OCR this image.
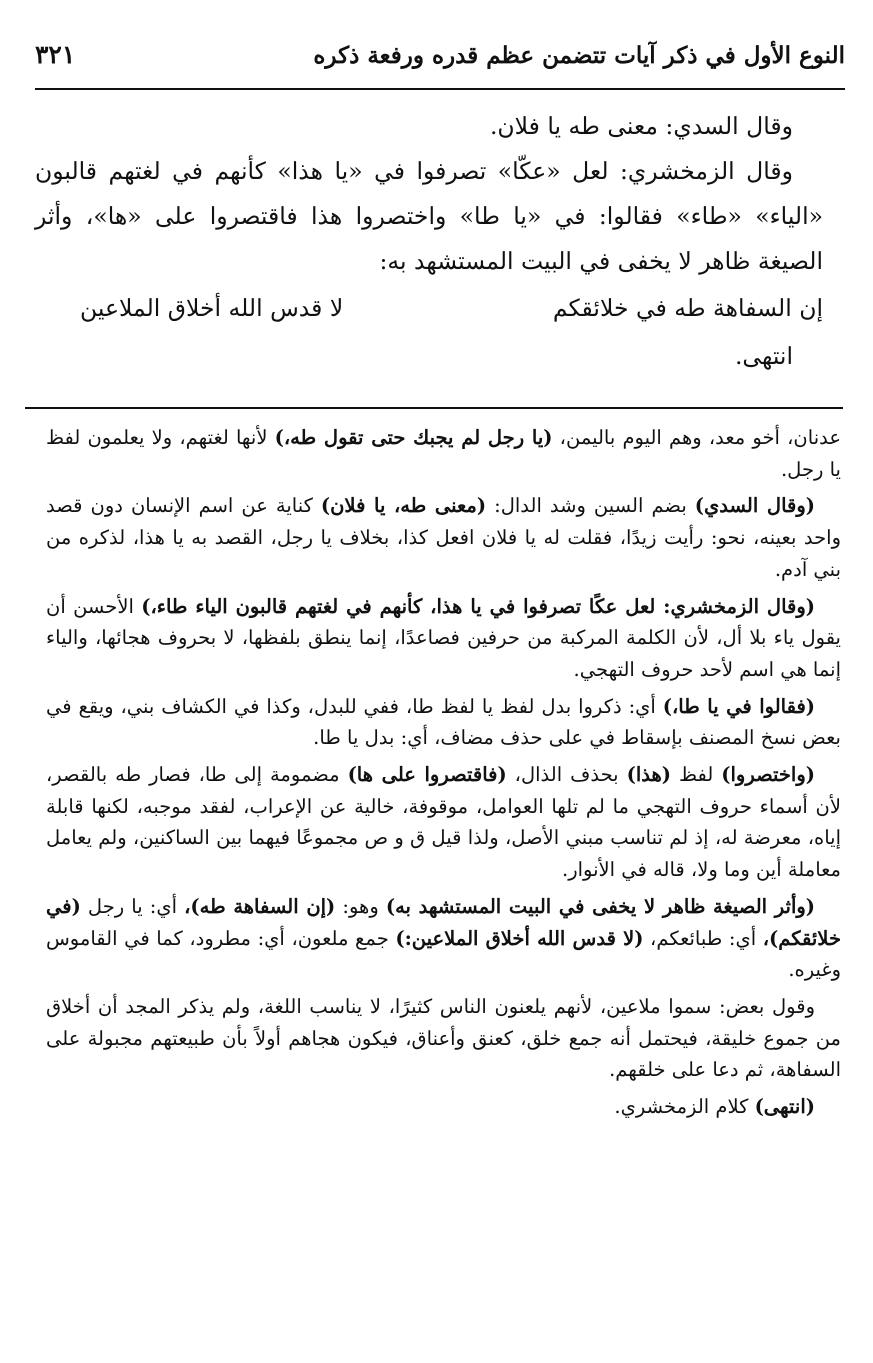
النوع الأول في ذكر آيات تتضمن عظم قدره ورفعة ذكره
٣٢١

وقال السدي: معنى طه يا فلان.

وقال الزمخشري: لعل «عكّا» تصرفوا في «يا هذا» كأنهم في لغتهم قالبون «الياء» «طاء» فقالوا: في «يا طا» واختصروا هذا فاقتصروا على «ها»، وأثر الصيغة ظاهر لا يخفى في البيت المستشهد به:

إن السفاهة طه في خلائقكم
لا قدس الله أخلاق الملاعين

انتهى.

عدنان، أخو معد، وهم اليوم باليمن، (يا رجل لم يجبك حتى تقول طه،) لأنها لغتهم، ولا يعلمون لفظ يا رجل.

(وقال السدي) بضم السين وشد الدال: (معنى طه، يا فلان) كناية عن اسم الإنسان دون قصد واحد بعينه، نحو: رأيت زيدًا، فقلت له يا فلان افعل كذا، بخلاف يا رجل، القصد به يا هذا، لذكره من بني آدم.

(وقال الزمخشري: لعل عكًا تصرفوا في يا هذا، كأنهم في لغتهم قالبون الياء طاء،) الأحسن أن يقول ياء بلا أل، لأن الكلمة المركبة من حرفين فصاعدًا، إنما ينطق بلفظها، لا بحروف هجائها، والياء إنما هي اسم لأحد حروف التهجي.

(فقالوا في يا طا،) أي: ذكروا بدل لفظ يا لفظ طا، ففي للبدل، وكذا في الكشاف بني، ويقع في بعض نسخ المصنف بإسقاط في على حذف مضاف، أي: بدل يا طا.

(واختصروا) لفظ (هذا) بحذف الذال، (فاقتصروا على ها) مضمومة إلى طا، فصار طه بالقصر، لأن أسماء حروف التهجي ما لم تلها العوامل، موقوفة، خالية عن الإعراب، لفقد موجبه، لكنها قابلة إياه، معرضة له، إذ لم تناسب مبني الأصل، ولذا قيل ق و ص مجموعًا فيهما بين الساكنين، ولم يعامل معاملة أين وما ولا، قاله في الأنوار.

(وأثر الصيغة ظاهر لا يخفى في البيت المستشهد به) وهو: (إن السفاهة طه)، أي: يا رجل (في خلائقكم)، أي: طبائعكم، (لا قدس الله أخلاق الملاعين:) جمع ملعون، أي: مطرود، كما في القاموس وغيره.

وقول بعض: سموا ملاعين، لأنهم يلعنون الناس كثيرًا، لا يناسب اللغة، ولم يذكر المجد أن أخلاق من جموع خليقة، فيحتمل أنه جمع خلق، كعنق وأعناق، فيكون هجاهم أولاً بأن طبيعتهم مجبولة على السفاهة، ثم دعا على خلقهم.

(انتهى) كلام الزمخشري.
